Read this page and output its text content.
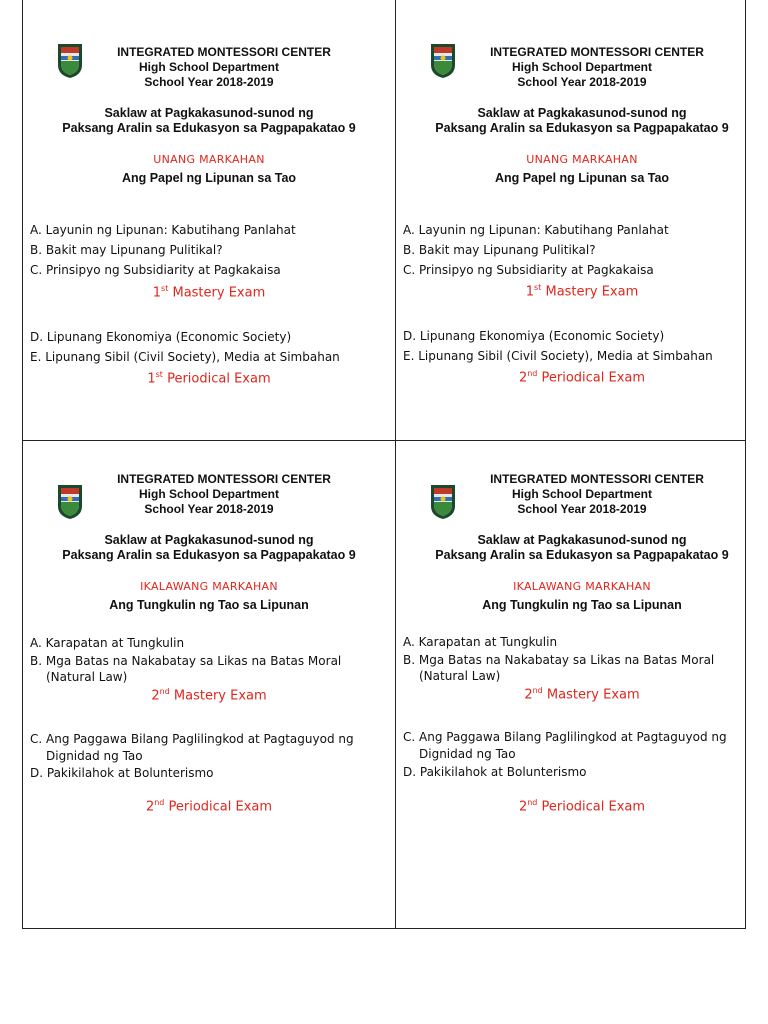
INTEGRATED MONTESSORI CENTER
High School Department
School Year 2018-2019
Saklaw at Pagkakasunod-sunod ng
Paksang Aralin sa Edukasyon sa Pagpapakatao 9
UNANG MARKAHAN
Ang Papel ng Lipunan sa Tao
A. Layunin ng Lipunan: Kabutihang Panlahat
B. Bakit may Lipunang Pulitikal?
C. Prinsipyo ng Subsidiarity at Pagkakaisa
1st Mastery Exam
D. Lipunang Ekonomiya (Economic Society)
E. Lipunang Sibil (Civil Society), Media at Simbahan
1st Periodical Exam
INTEGRATED MONTESSORI CENTER
High School Department
School Year 2018-2019
Saklaw at Pagkakasunod-sunod ng
Paksang Aralin sa Edukasyon sa Pagpapakatao 9
UNANG MARKAHAN
Ang Papel ng Lipunan sa Tao
A. Layunin ng Lipunan: Kabutihang Panlahat
B. Bakit may Lipunang Pulitikal?
C. Prinsipyo ng Subsidiarity at Pagkakaisa
1st Mastery Exam
D. Lipunang Ekonomiya (Economic Society)
E. Lipunang Sibil (Civil Society), Media at Simbahan
2nd Periodical Exam
INTEGRATED MONTESSORI CENTER
High School Department
School Year 2018-2019
Saklaw at Pagkakasunod-sunod ng
Paksang Aralin sa Edukasyon sa Pagpapakatao 9
IKALAWANG MARKAHAN
Ang Tungkulin ng Tao sa Lipunan
A. Karapatan at Tungkulin
B. Mga Batas na Nakabatay sa Likas na Batas Moral
(Natural Law)
2nd Mastery Exam
C. Ang Paggawa Bilang Paglilingkod at Pagtaguyod ng
Dignidad ng Tao
D. Pakikilahok at Bolunterismo
2nd Periodical Exam
INTEGRATED MONTESSORI CENTER
High School Department
School Year 2018-2019
Saklaw at Pagkakasunod-sunod ng
Paksang Aralin sa Edukasyon sa Pagpapakatao 9
IKALAWANG MARKAHAN
Ang Tungkulin ng Tao sa Lipunan
A. Karapatan at Tungkulin
B. Mga Batas na Nakabatay sa Likas na Batas Moral
(Natural Law)
2nd Mastery Exam
C. Ang Paggawa Bilang Paglilingkod at Pagtaguyod ng
Dignidad ng Tao
D. Pakikilahok at Bolunterismo
2nd Periodical Exam
